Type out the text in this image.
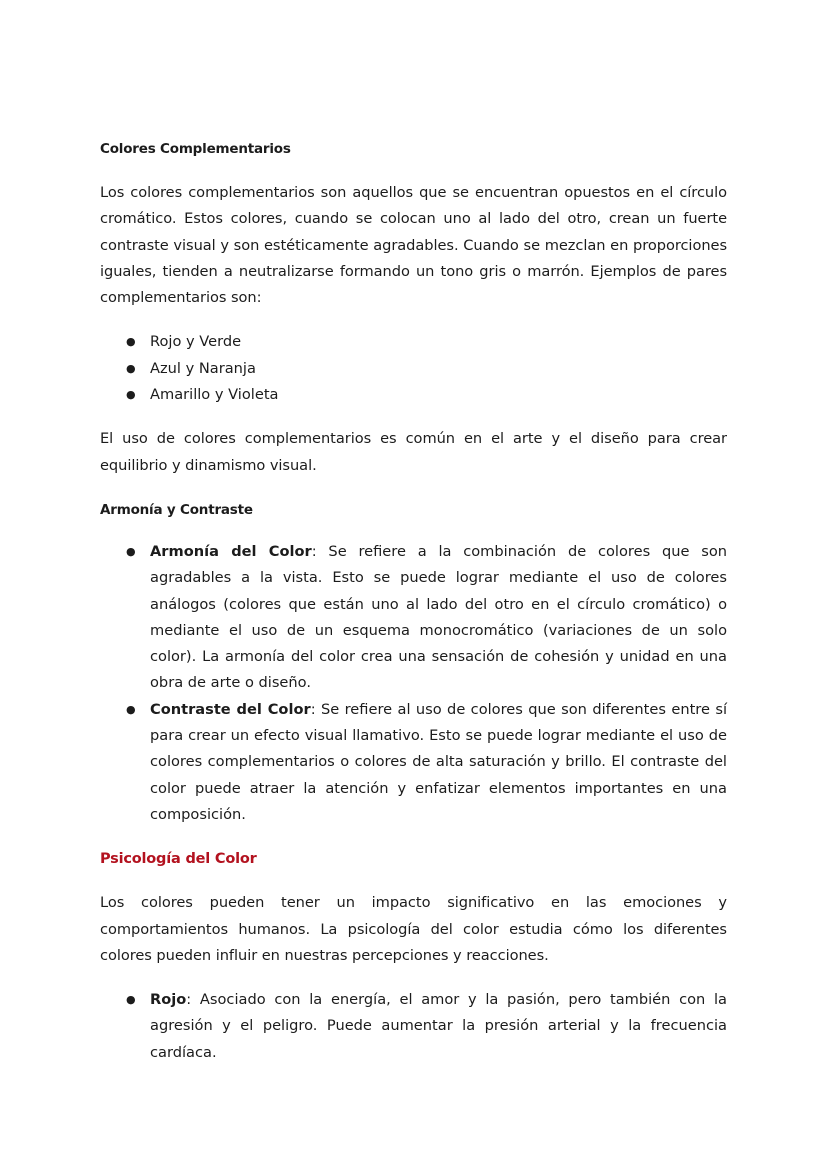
Colores Complementarios

Los colores complementarios son aquellos que se encuentran opuestos en el círculo cromático. Estos colores, cuando se colocan uno al lado del otro, crean un fuerte contraste visual y son estéticamente agradables. Cuando se mezclan en proporciones iguales, tienden a neutralizarse formando un tono gris o marrón. Ejemplos de pares complementarios son:

● Rojo y Verde
● Azul y Naranja
● Amarillo y Violeta

El uso de colores complementarios es común en el arte y el diseño para crear equilibrio y dinamismo visual.

Armonía y Contraste
● Armonía del Color: Se refiere a la combinación de colores que son agradables a la vista. Esto se puede lograr mediante el uso de colores análogos (colores que están uno al lado del otro en el círculo cromático) o mediante el uso de un esquema monocromático (variaciones de un solo color). La armonía del color crea una sensación de cohesión y unidad en una obra de arte o diseño.
● Contraste del Color: Se refiere al uso de colores que son diferentes entre sí para crear un efecto visual llamativo. Esto se puede lograr mediante el uso de colores complementarios o colores de alta saturación y brillo. El contraste del color puede atraer la atención y enfatizar elementos importantes en una composición.
Psicología del Color

Los colores pueden tener un impacto significativo en las emociones y comportamientos humanos. La psicología del color estudia cómo los diferentes colores pueden influir en nuestras percepciones y reacciones.

● Rojo: Asociado con la energía, el amor y la pasión, pero también con la agresión y el peligro. Puede aumentar la presión arterial y la frecuencia cardíaca.
